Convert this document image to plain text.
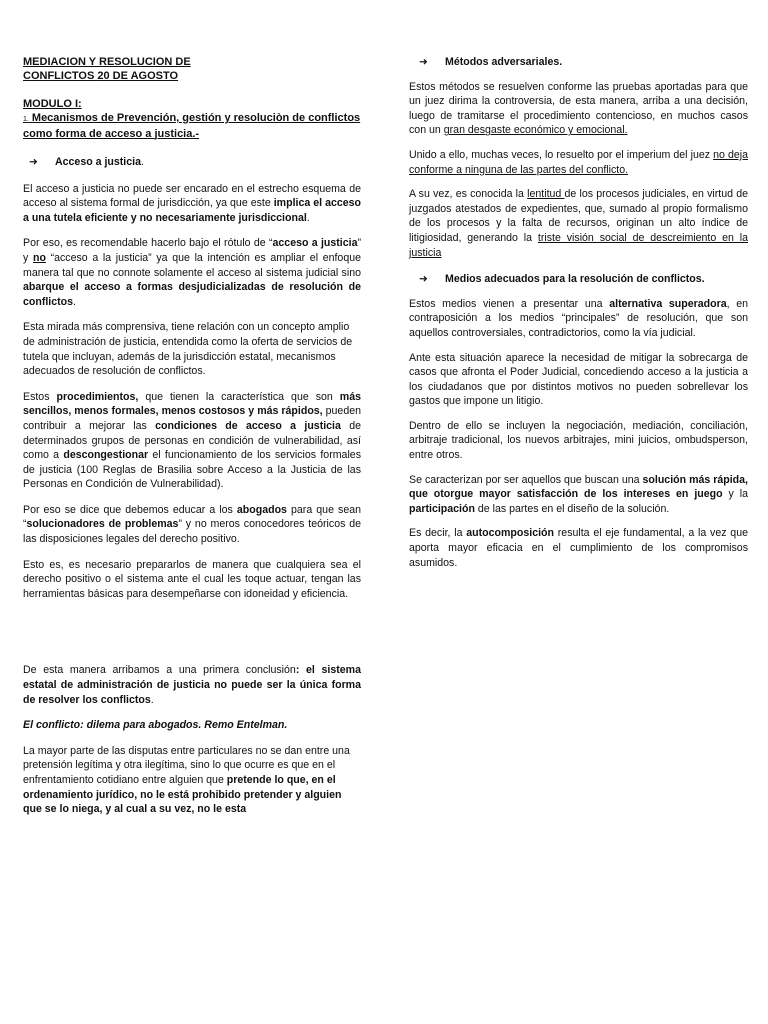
MEDIACION Y RESOLUCION DE
CONFLICTOS 20 DE AGOSTO

MODULO I:

1. Mecanismos de Prevención, gestión y resoluciòn de conflictos
como forma de acceso a justicia.-

➜	Acceso a justicia.

El acceso a justicia no puede ser encarado en el estrecho esquema de acceso al sistema formal de jurisdicción, ya que este implica el acceso a una tutela eficiente y no necesariamente jurisdiccional.

Por eso, es recomendable hacerlo bajo el rótulo de “acceso a justicia” y no “acceso a la justicia” ya que la intención es ampliar el enfoque manera tal que no connote solamente el acceso al sistema judicial sino abarque el acceso a formas desjudicializadas de resolución de conflictos.

Esta mirada más comprensiva, tiene relación con un concepto amplio de administración de justicia, entendida como la oferta de servicios de tutela que incluyan, además de la jurisdicción estatal, mecanismos adecuados de resolución de conflictos.

Estos procedimientos, que tienen la característica que son más sencillos, menos formales, menos costosos y más rápidos, pueden contribuir a mejorar las condiciones de acceso a justicia de determinados grupos de personas en condición de vulnerabilidad, así como a descongestionar el funcionamiento de los servicios formales de justicia (100 Reglas de Brasilia sobre Acceso a la Justicia de las Personas en Condición de Vulnerabilidad).

Por eso se dice que debemos educar a los abogados para que sean “solucionadores de problemas” y no meros conocedores teóricos de las disposiciones legales del derecho positivo.

Esto es, es necesario prepararlos de manera que cualquiera sea el derecho positivo o el sistema ante el cual les toque actuar, tengan las herramientas básicas para desempeñarse con idoneidad y eficiencia.

De esta manera arribamos a una primera conclusión: el sistema estatal de administración de justicia no puede ser la única forma de resolver los conflictos.

El conflicto: dilema para abogados. Remo Entelman.

La mayor parte de las disputas entre particulares no se dan entre una pretensión legítima y otra ilegítima, sino lo que ocurre es que en el enfrentamiento cotidiano entre alguien que pretende lo que, en el ordenamiento jurídico, no le está prohibido pretender y alguien que se lo niega, y al cual a su vez, no le esta

➜	Métodos adversariales.

Estos métodos se resuelven conforme las pruebas aportadas para que un juez dirima la controversia, de esta manera, arriba a una decisión, luego de tramitarse el procedimiento contencioso, en muchos casos con un gran desgaste económico y emocional.

Unido a ello, muchas veces, lo resuelto por el imperium del juez no deja conforme a ninguna de las partes del conflicto.

A su vez, es conocida la lentitud de los procesos judiciales, en virtud de juzgados atestados de expedientes, que, sumado al propio formalismo de los procesos y la falta de recursos, originan un alto índice de litigiosidad, generando la triste visión social de descreimiento en la justicia

➜	Medios adecuados para la resolución de conflictos.

Estos medios vienen a presentar una alternativa superadora, en contraposición a los medios “principales” de resolución, que son aquellos controversiales, contradictorios, como la vía judicial.

Ante esta situación aparece la necesidad de mitigar la sobrecarga de casos que afronta el Poder Judicial, concediendo acceso a la justicia a los ciudadanos que por distintos motivos no pueden sobrellevar los gastos que impone un litigio.

Dentro de ello se incluyen la negociación, mediación, conciliación, arbitraje tradicional, los nuevos arbitrajes, mini juicios, ombudsperson, entre otros.

Se caracterizan por ser aquellos que buscan una solución más rápida, que otorgue mayor satisfacción de los intereses en juego y la participación de las partes en el diseño de la solución.

Es decir, la autocomposición resulta el eje fundamental, a la vez que aporta mayor eficacia en el cumplimiento de los compromisos asumidos.
